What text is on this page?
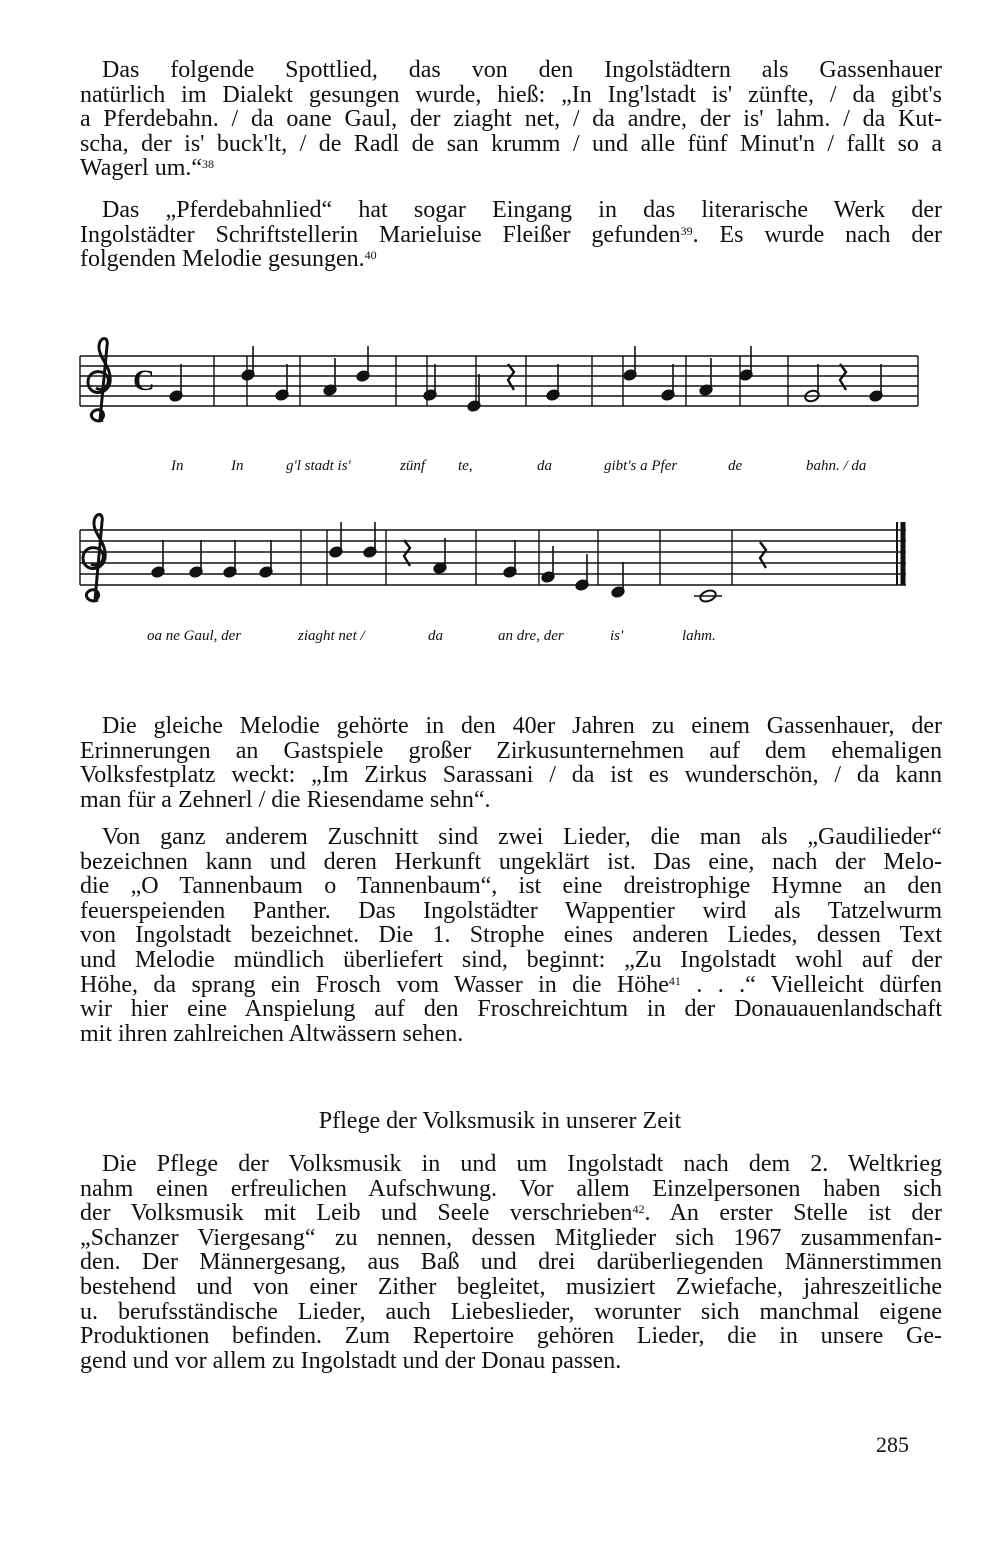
Das folgende Spottlied, das von den Ingolstädtern als Gassenhauer
natürlich im Dialekt gesungen wurde, hieß: „In Ing'lstadt is' zünfte, / da gibt's
a Pferdebahn. / da oane Gaul, der ziaght net, / da andre, der is' lahm. / da Kut-
scha, der is' buck'lt, / de Radl de san krumm / und alle fünf Minut'n / fallt so a
Wagerl um.“$^{38}$
Das „Pferdebahnlied“ hat sogar Eingang in das literarische Werk der
Ingolstädter Schriftstellerin Marieluise Fleißer gefunden$^{39}$. Es wurde nach der
folgenden Melodie gesungen.$^{40}$
C
In	In	g'l stadt is'	zünf te,	da	gibt's a Pfer	de	bahn. / da
oa ne Gaul, der	ziaght net /	da	an dre, der	is'	lahm.
Die gleiche Melodie gehörte in den 40er Jahren zu einem Gassenhauer, der
Erinnerungen an Gastspiele großer Zirkusunternehmen auf dem ehemaligen
Volksfestplatz weckt: „Im Zirkus Sarassani / da ist es wunderschön, / da kann
man für a Zehnerl / die Riesendame sehn“.
Von ganz anderem Zuschnitt sind zwei Lieder, die man als „Gaudilieder“
bezeichnen kann und deren Herkunft ungeklärt ist. Das eine, nach der Melo-
die „O Tannenbaum o Tannenbaum“, ist eine dreistrophige Hymne an den
feuerspeienden Panther. Das Ingolstädter Wappentier wird als Tatzelwurm
von Ingolstadt bezeichnet. Die 1. Strophe eines anderen Liedes, dessen Text
und Melodie mündlich überliefert sind, beginnt: „Zu Ingolstadt wohl auf der
Höhe, da sprang ein Frosch vom Wasser in die Höhe$^{41}$ . . .“ Vielleicht dürfen
wir hier eine Anspielung auf den Froschreichtum in der Donauauenlandschaft
mit ihren zahlreichen Altwässern sehen.
Pflege der Volksmusik in unserer Zeit
Die Pflege der Volksmusik in und um Ingolstadt nach dem 2. Weltkrieg
nahm einen erfreulichen Aufschwung. Vor allem Einzelpersonen haben sich
der Volksmusik mit Leib und Seele verschrieben$^{42}$. An erster Stelle ist der
„Schanzer Viergesang“ zu nennen, dessen Mitglieder sich 1967 zusammenfan-
den. Der Männergesang, aus Baß und drei darüberliegenden Männerstimmen
bestehend und von einer Zither begleitet, musiziert Zwiefache, jahreszeitliche
u. berufsständische Lieder, auch Liebeslieder, worunter sich manchmal eigene
Produktionen befinden. Zum Repertoire gehören Lieder, die in unsere Ge-
gend und vor allem zu Ingolstadt und der Donau passen.
285
